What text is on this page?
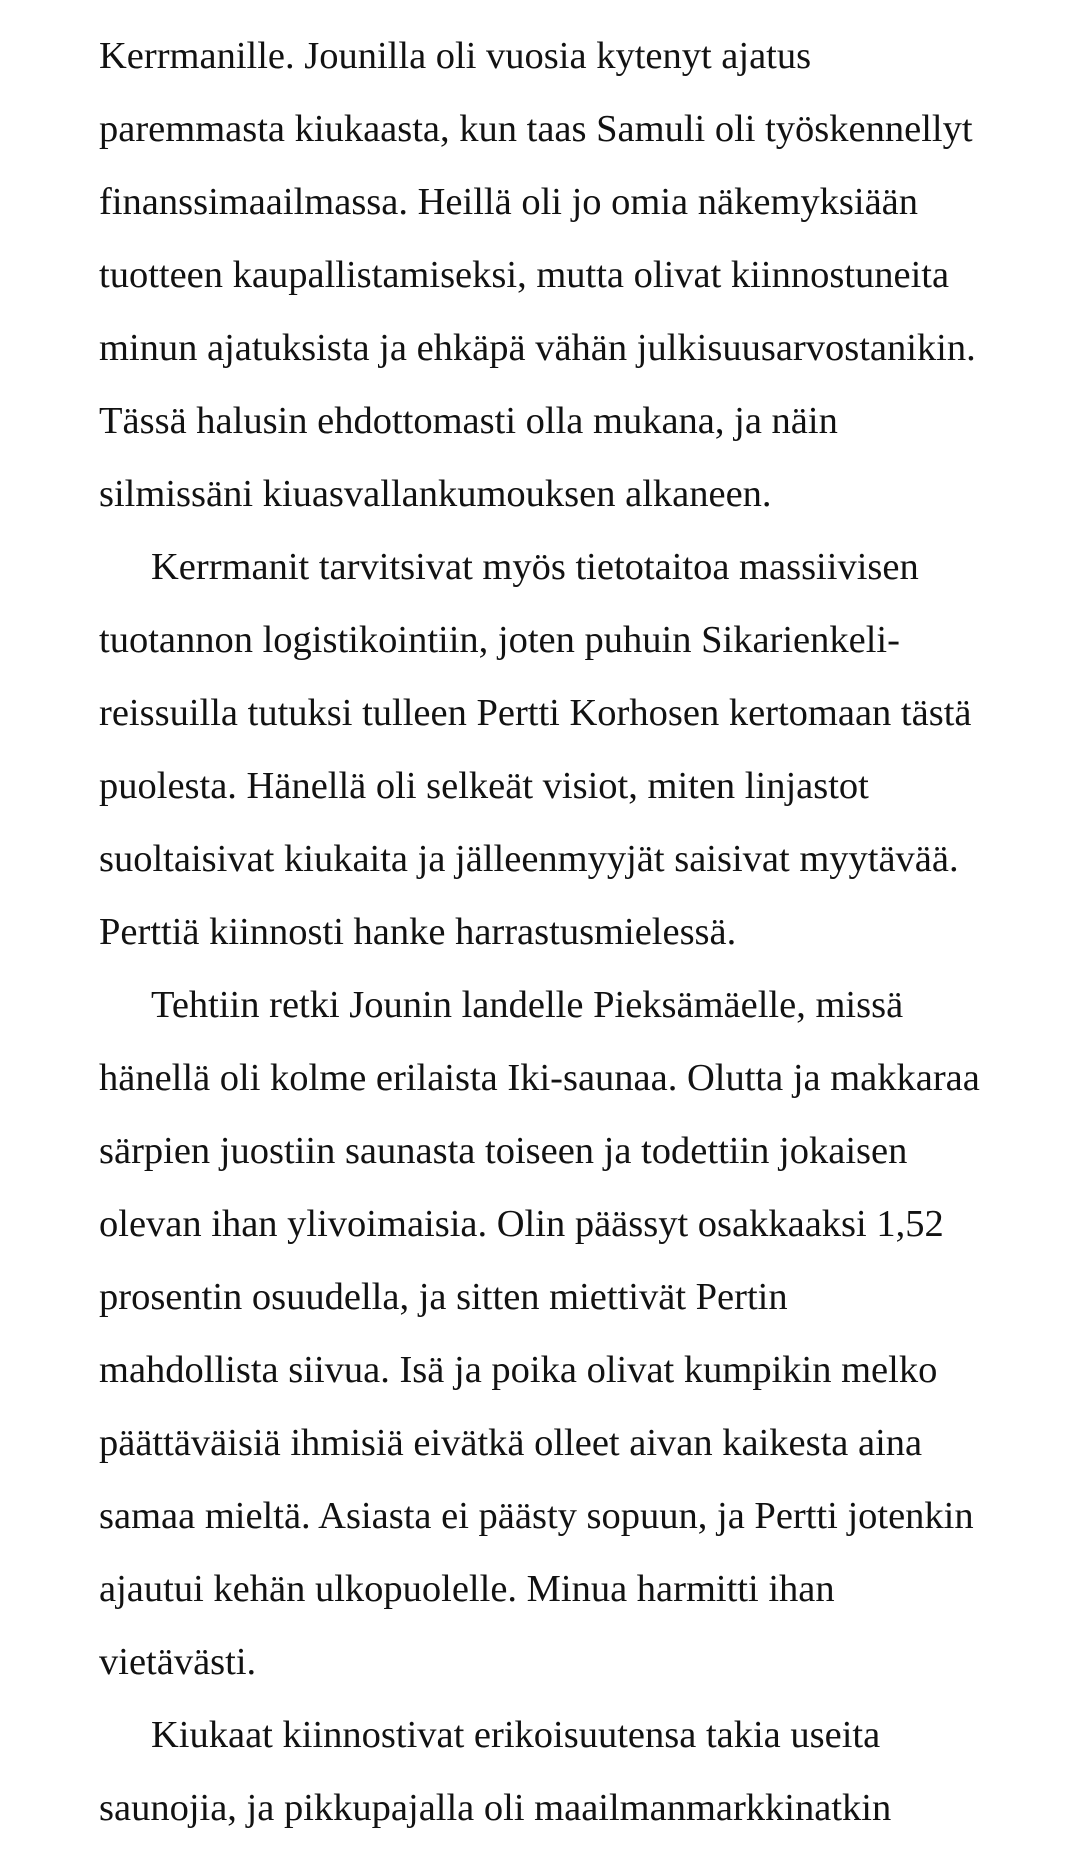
Kerrmanille. Jounilla oli vuosia kytenyt ajatus
paremmasta kiukaasta, kun taas Samuli oli työskennellyt
finanssimaailmassa. Heillä oli jo omia näkemyksiään
tuotteen kaupallistamiseksi, mutta olivat kiinnostuneita
minun ajatuksista ja ehkäpä vähän julkisuusarvostanikin.
Tässä halusin ehdottomasti olla mukana, ja näin
silmissäni kiuasvallankumouksen alkaneen.

Kerrmanit tarvitsivat myös tietotaitoa massiivisen
tuotannon logistikointiin, joten puhuin Sikarienkeli-
reissuilla tutuksi tulleen Pertti Korhosen kertomaan tästä
puolesta. Hänellä oli selkeät visiot, miten linjastot
suoltaisivat kiukaita ja jälleenmyyjät saisivat myytävää.
Perttiä kiinnosti hanke harrastusmielessä.

Tehtiin retki Jounin landelle Pieksämäelle, missä
hänellä oli kolme erilaista Iki-saunaa. Olutta ja makkaraa
särpien juostiin saunasta toiseen ja todettiin jokaisen
olevan ihan ylivoimaisia. Olin päässyt osakkaaksi 1,52
prosentin osuudella, ja sitten miettivät Pertin
mahdollista siivua. Isä ja poika olivat kumpikin melko
päättäväisiä ihmisiä eivätkä olleet aivan kaikesta aina
samaa mieltä. Asiasta ei päästy sopuun, ja Pertti jotenkin
ajautui kehän ulkopuolelle. Minua harmitti ihan
vietävästi.

Kiukaat kiinnostivat erikoisuutensa takia useita
saunojia, ja pikkupajalla oli maailmanmarkkinatkin
